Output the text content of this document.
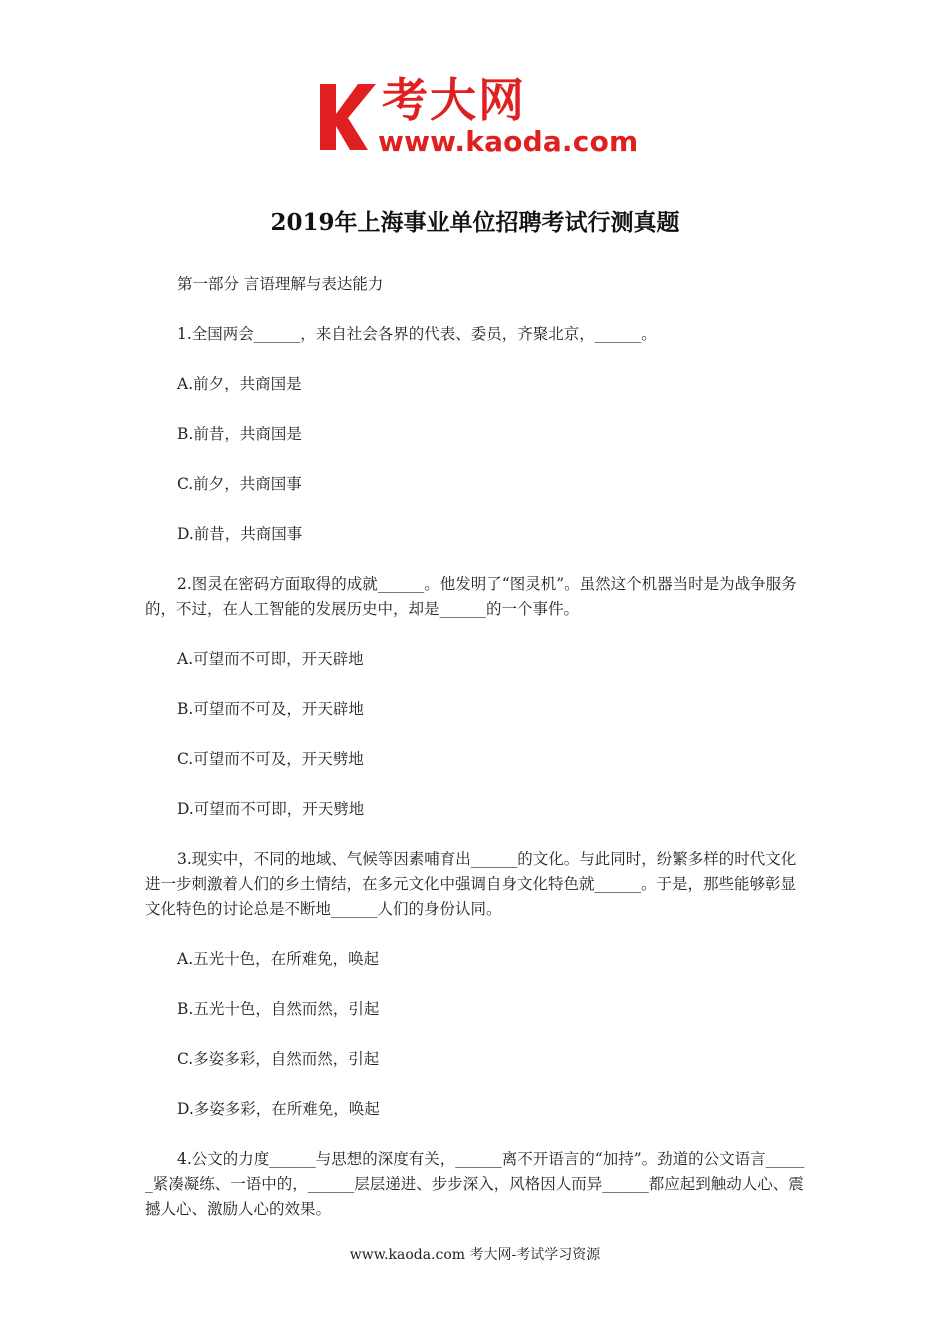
考大网
www.kaoda.com
2019年上海事业单位招聘考试行测真题

第一部分 言语理解与表达能力

1.全国两会______，来自社会各界的代表、委员，齐聚北京，______。

A.前夕，共商国是

B.前昔，共商国是

C.前夕，共商国事

D.前昔，共商国事

2.图灵在密码方面取得的成就______。他发明了“图灵机”。虽然这个机器当时是为战争服务的，不过，在人工智能的发展历史中，却是______的一个事件。

A.可望而不可即，开天辟地

B.可望而不可及，开天辟地

C.可望而不可及，开天劈地

D.可望而不可即，开天劈地

3.现实中，不同的地域、气候等因素哺育出______的文化。与此同时，纷繁多样的时代文化进一步刺激着人们的乡土情结，在多元文化中强调自身文化特色就______。于是，那些能够彰显文化特色的讨论总是不断地______人们的身份认同。

A.五光十色，在所难免，唤起

B.五光十色，自然而然，引起

C.多姿多彩，自然而然，引起

D.多姿多彩，在所难免，唤起

4.公文的力度______与思想的深度有关，______离不开语言的“加持”。劲道的公文语言______紧凑凝练、一语中的，______层层递进、步步深入，风格因人而异______都应起到触动人心、震撼人心、激励人心的效果。

www.kaoda.com 考大网-考试学习资源
